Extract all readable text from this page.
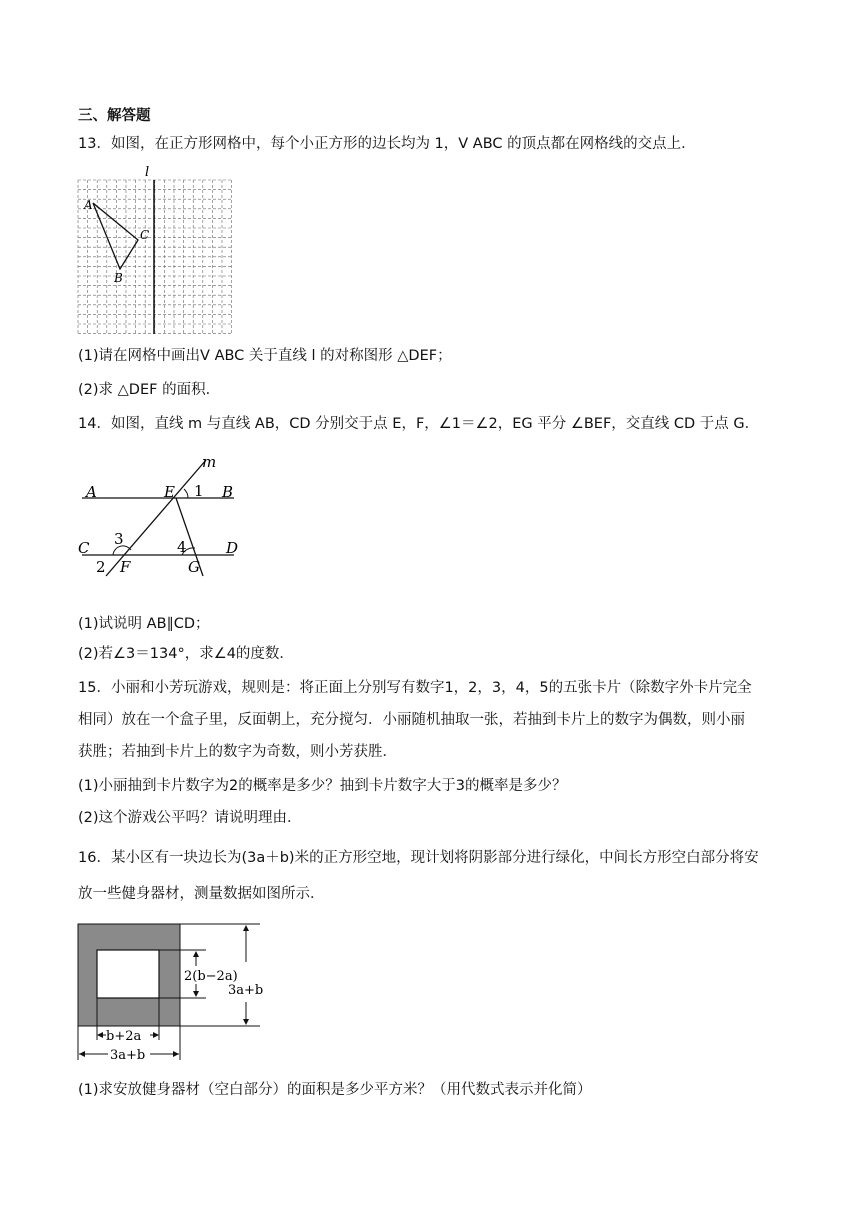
三、解答题
13．如图，在正方形网格中，每个小正方形的边长均为 1，V ABC 的顶点都在网格线的交点上．
l
A
C
B
(1)请在网格中画出V ABC 关于直线 l 的对称图形 △DEF；
(2)求 △DEF 的面积．
14．如图，直线 m 与直线 AB，CD 分别交于点 E，F，∠1＝∠2，EG 平分 ∠BEF，交直线 CD 于点 G．
m
A	E 1 B
C 3	4	D
2 F	G
(1)试说明 AB∥CD；
(2)若∠3＝134°，求∠4的度数．
15．小丽和小芳玩游戏，规则是：将正面上分别写有数字1，2，3，4，5的五张卡片（除数字外卡片完全
相同）放在一个盒子里，反面朝上，充分搅匀．小丽随机抽取一张，若抽到卡片上的数字为偶数，则小丽
获胜；若抽到卡片上的数字为奇数，则小芳获胜．
(1)小丽抽到卡片数字为2的概率是多少？抽到卡片数字大于3的概率是多少？
(2)这个游戏公平吗？请说明理由．
16．某小区有一块边长为(3a＋b)米的正方形空地，现计划将阴影部分进行绿化，中间长方形空白部分将安
放一些健身器材，测量数据如图所示．
2(b−2a)
3a+b
b+2a
3a+b
(1)求安放健身器材（空白部分）的面积是多少平方米？（用代数式表示并化简）
